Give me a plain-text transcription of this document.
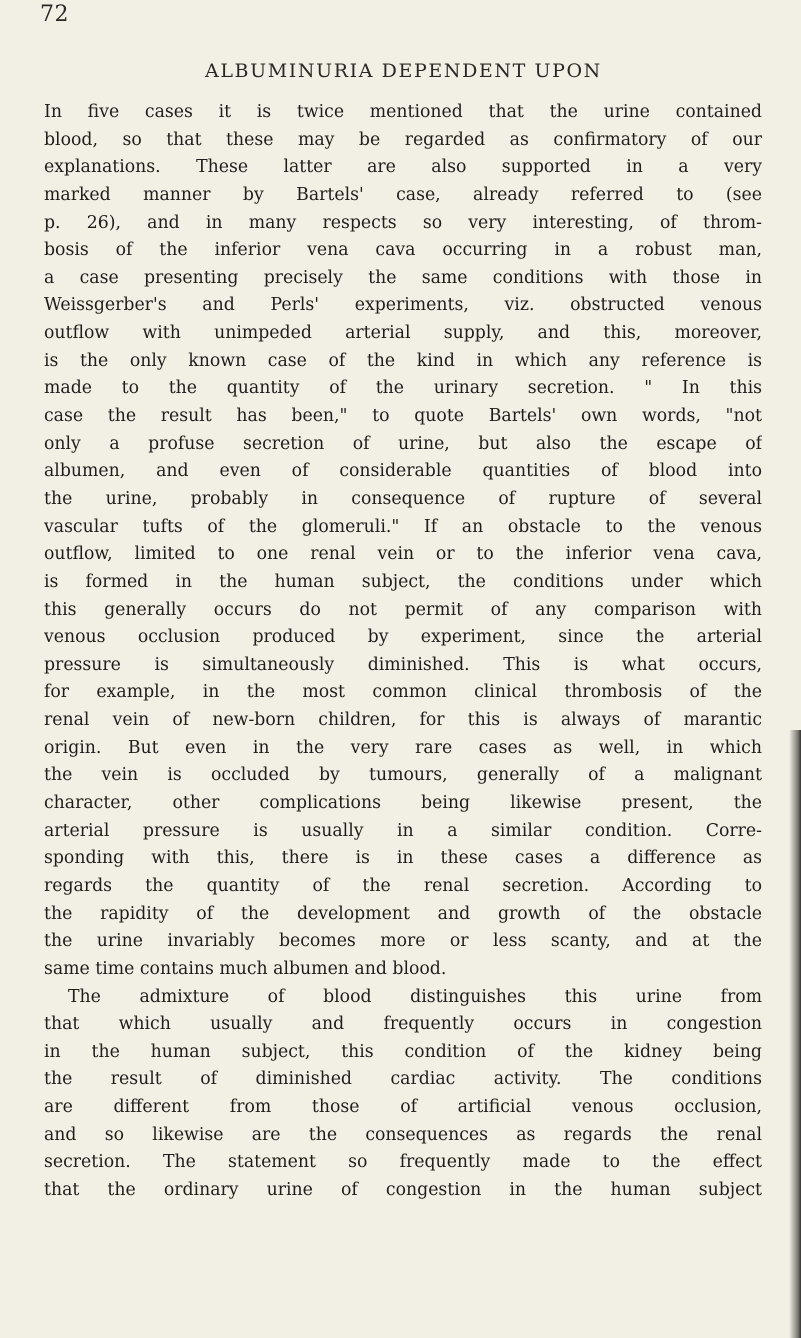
72
ALBUMINURIA DEPENDENT UPON
In five cases it is twice mentioned that the urine contained
blood, so that these may be regarded as confirmatory of our
explanations. These latter are also supported in a very
marked manner by Bartels' case, already referred to (see
p. 26), and in many respects so very interesting, of throm-
bosis of the inferior vena cava occurring in a robust man,
a case presenting precisely the same conditions with those in
Weissgerber's and Perls' experiments, viz. obstructed venous
outflow with unimpeded arterial supply, and this, moreover,
is the only known case of the kind in which any reference is
made to the quantity of the urinary secretion. " In this
case the result has been," to quote Bartels' own words, "not
only a profuse secretion of urine, but also the escape of
albumen, and even of considerable quantities of blood into
the urine, probably in consequence of rupture of several
vascular tufts of the glomeruli." If an obstacle to the venous
outflow, limited to one renal vein or to the inferior vena cava,
is formed in the human subject, the conditions under which
this generally occurs do not permit of any comparison with
venous occlusion produced by experiment, since the arterial
pressure is simultaneously diminished. This is what occurs,
for example, in the most common clinical thrombosis of the
renal vein of new-born children, for this is always of marantic
origin. But even in the very rare cases as well, in which
the vein is occluded by tumours, generally of a malignant
character, other complications being likewise present, the
arterial pressure is usually in a similar condition. Corre-
sponding with this, there is in these cases a difference as
regards the quantity of the renal secretion. According to
the rapidity of the development and growth of the obstacle
the urine invariably becomes more or less scanty, and at the
same time contains much albumen and blood.
The admixture of blood distinguishes this urine from
that which usually and frequently occurs in congestion
in the human subject, this condition of the kidney being
the result of diminished cardiac activity. The conditions
are different from those of artificial venous occlusion,
and so likewise are the consequences as regards the renal
secretion. The statement so frequently made to the effect
that the ordinary urine of congestion in the human subject
